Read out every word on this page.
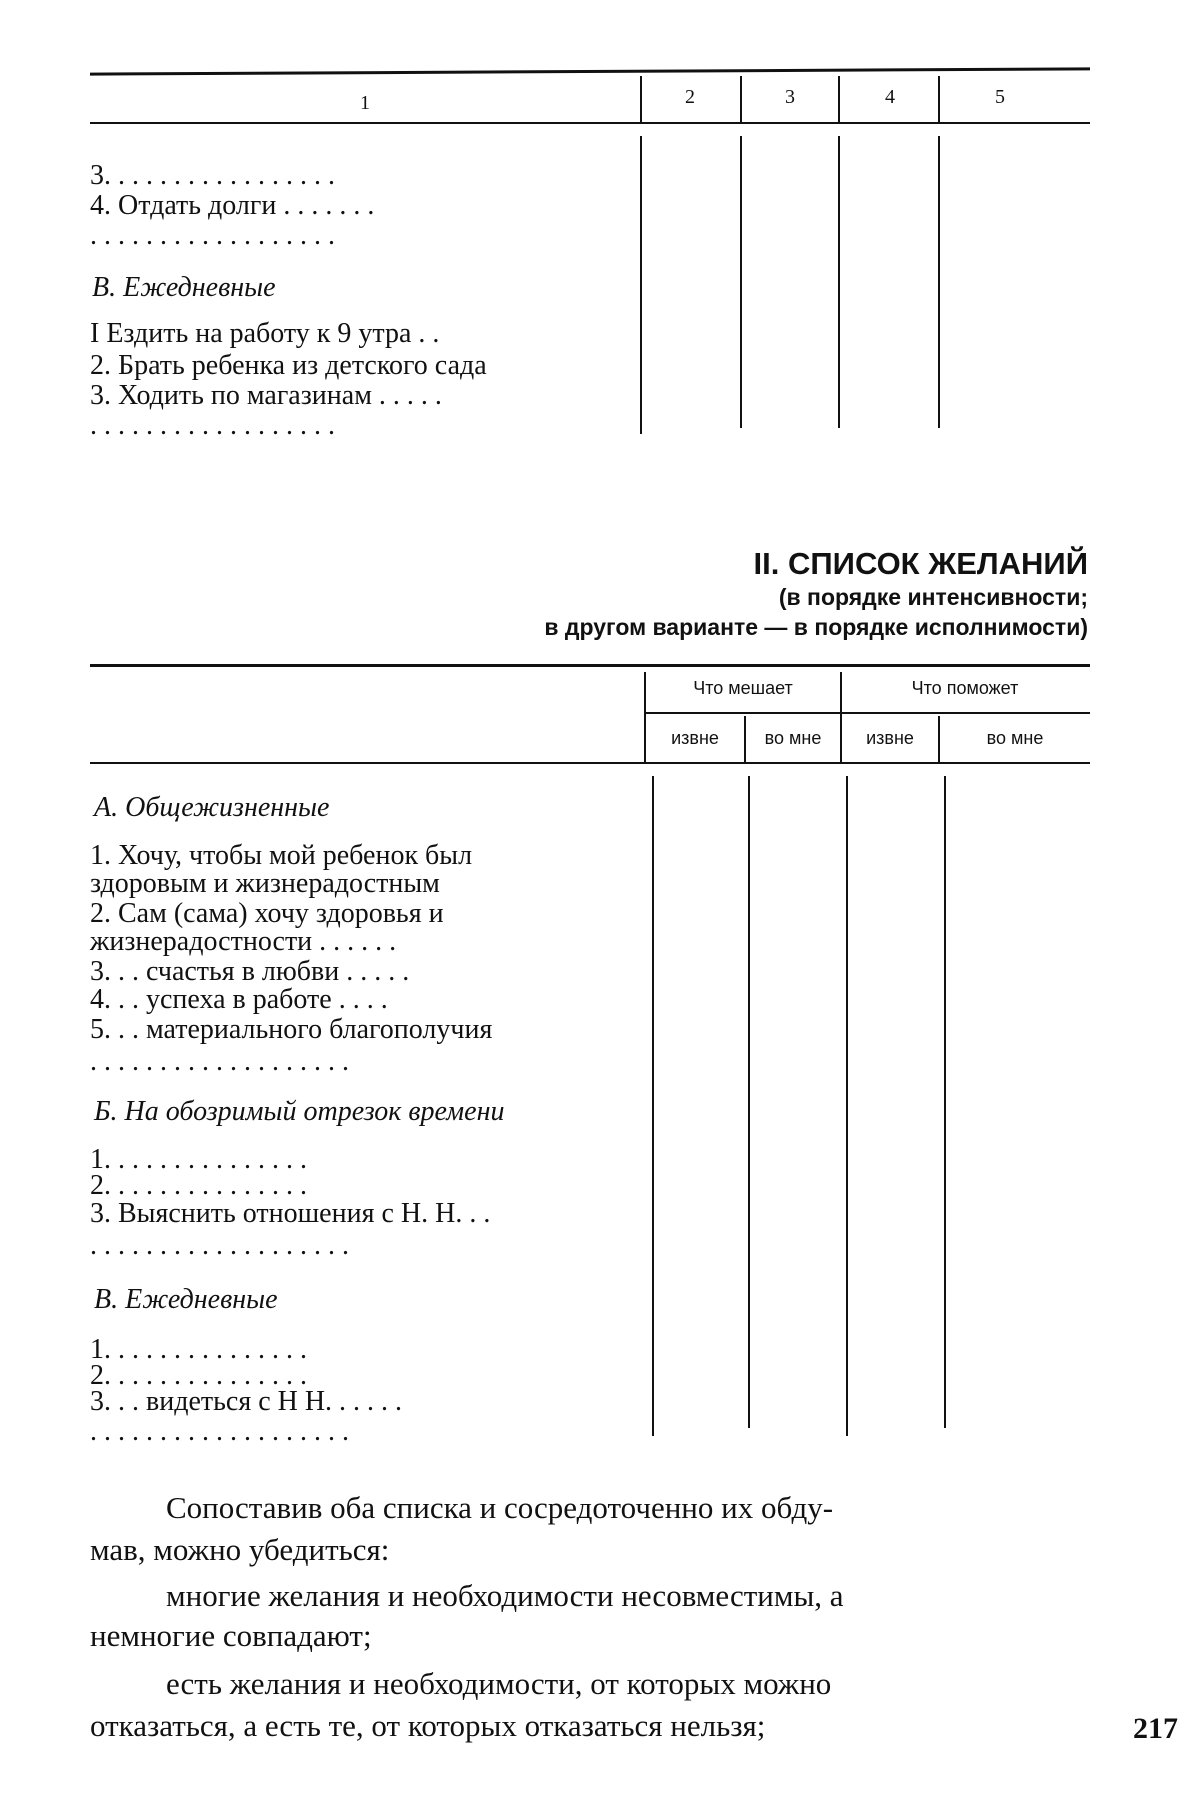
1	2	3	4	5
3. . . . . . . . . . . . . . . . .
4. Отдать долги . . . . . . .
. . . . . . . . . . . . . . . . . .
В. Ежедневные
I Ездить на работу к 9 утра . .
2. Брать ребенка из детского сада
3. Ходить по магазинам . . . . .
. . . . . . . . . . . . . . . . . .
II. СПИСОК ЖЕЛАНИЙ
(в порядке интенсивности;
в другом варианте — в порядке исполнимости)
Что мешает	Что поможет
извне	во мне	извне	во мне
А. Общежизненные
1. Хочу, чтобы мой ребенок был
здоровым и жизнерадостным
2. Сам (сама) хочу здоровья и
жизнерадостности . . . . . .
3. . . счастья в любви . . . . .
4. . . успеха в работе . . . .
5. . . материального благополучия
. . . . . . . . . . . . . . . . . . .
Б. На обозримый отрезок времени
1. . . . . . . . . . . . . . .
2. . . . . . . . . . . . . . .
3. Выяснить отношения с Н. Н. . .
. . . . . . . . . . . . . . . . . . .
В. Ежедневные
1. . . . . . . . . . . . . . .
2. . . . . . . . . . . . . . .
3. . . видеться с Н Н. . . . . .
. . . . . . . . . . . . . . . . . . .
Сопоставив оба списка и сосредоточенно их обду-
мав, можно убедиться:
многие желания и необходимости несовместимы, а
немногие совпадают;
есть желания и необходимости, от которых можно
отказаться, а есть те, от которых отказаться нельзя;	217
